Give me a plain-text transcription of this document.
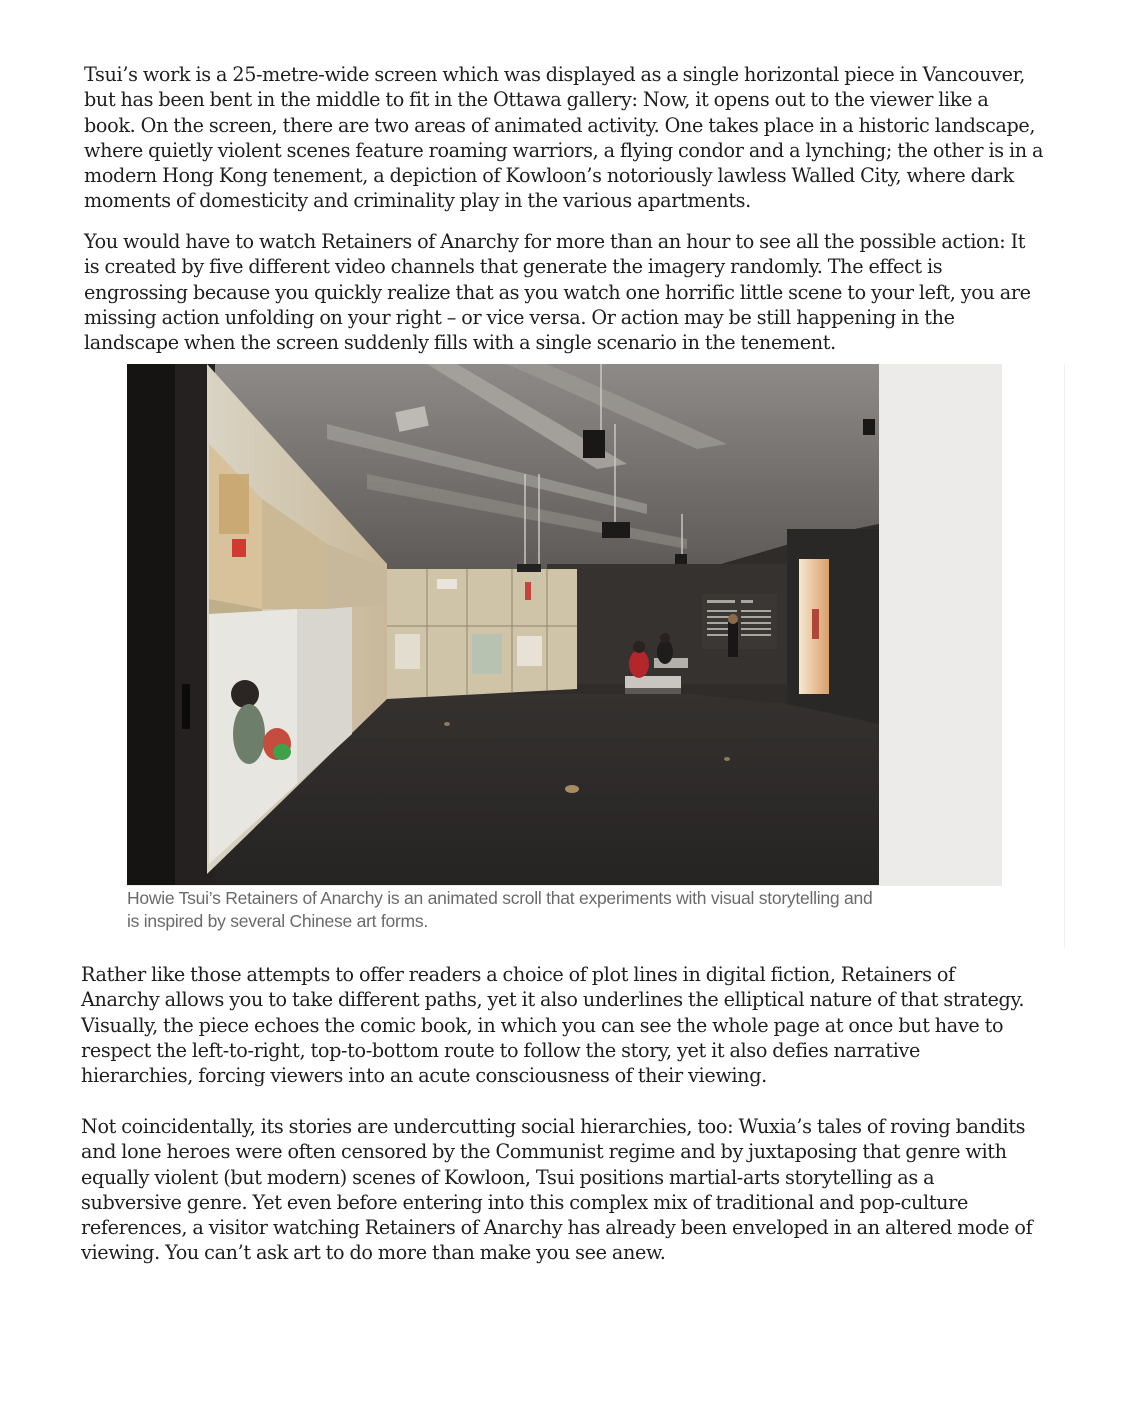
Tsui’s work is a 25-metre-wide screen which was displayed as a single horizontal piece in Vancouver,
but has been bent in the middle to fit in the Ottawa gallery: Now, it opens out to the viewer like a
book. On the screen, there are two areas of animated activity. One takes place in a historic landscape,
where quietly violent scenes feature roaming warriors, a flying condor and a lynching; the other is in a
modern Hong Kong tenement, a depiction of Kowloon’s notoriously lawless Walled City, where dark
moments of domesticity and criminality play in the various apartments.
You would have to watch Retainers of Anarchy for more than an hour to see all the possible action: It
is created by five different video channels that generate the imagery randomly. The effect is
engrossing because you quickly realize that as you watch one horrific little scene to your left, you are
missing action unfolding on your right – or vice versa. Or action may be still happening in the
landscape when the screen suddenly fills with a single scenario in the tenement.
Howie Tsui’s Retainers of Anarchy is an animated scroll that experiments with visual storytelling and
is inspired by several Chinese art forms.
Rather like those attempts to offer readers a choice of plot lines in digital fiction, Retainers of
Anarchy allows you to take different paths, yet it also underlines the elliptical nature of that strategy.
Visually, the piece echoes the comic book, in which you can see the whole page at once but have to
respect the left-to-right, top-to-bottom route to follow the story, yet it also defies narrative
hierarchies, forcing viewers into an acute consciousness of their viewing.
Not coincidentally, its stories are undercutting social hierarchies, too: Wuxia’s tales of roving bandits
and lone heroes were often censored by the Communist regime and by juxtaposing that genre with
equally violent (but modern) scenes of Kowloon, Tsui positions martial-arts storytelling as a
subversive genre. Yet even before entering into this complex mix of traditional and pop-culture
references, a visitor watching Retainers of Anarchy has already been enveloped in an altered mode of
viewing. You can’t ask art to do more than make you see anew.
